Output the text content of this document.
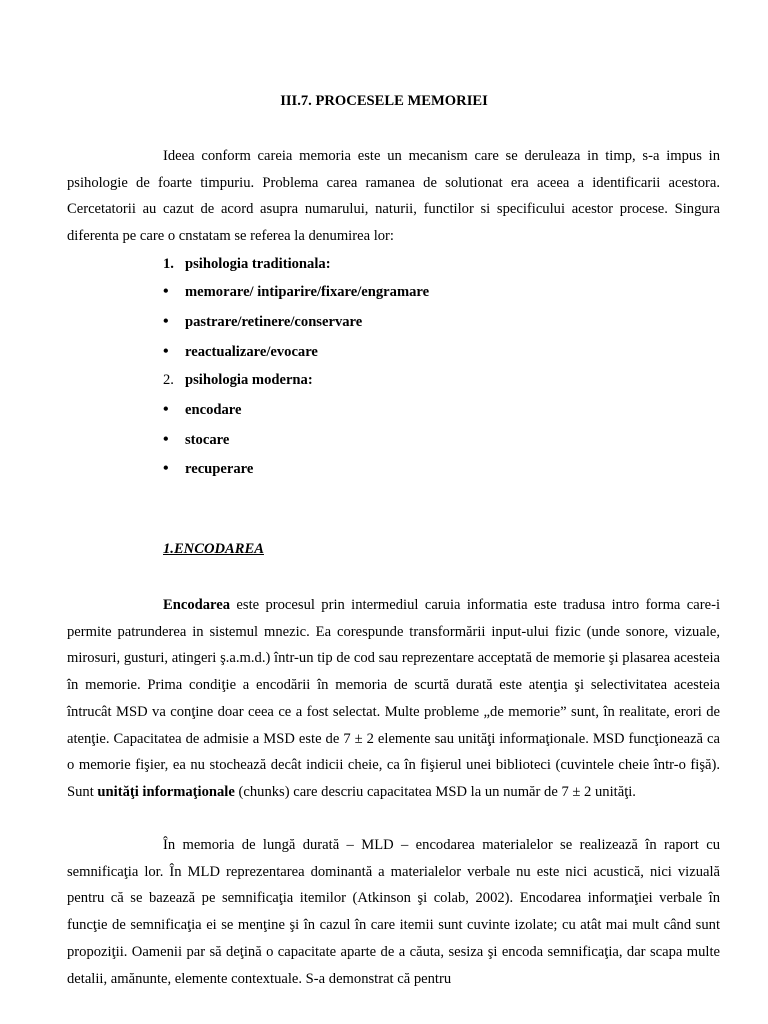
III.7. PROCESELE MEMORIEI

Ideea conform careia memoria este un mecanism care se deruleaza in timp, s-a impus in psihologie de foarte timpuriu. Problema carea ramanea de solutionat era aceea a identificarii acestora. Cercetatorii au cazut de acord asupra numarului, naturii, functilor si specificului acestor procese. Singura diferenta pe care o cnstatam se referea la denumirea lor:

1. psihologia traditionala:
• memorare/ intiparire/fixare/engramare
• pastrare/retinere/conservare
• reactualizare/evocare
2. psihologia moderna:
• encodare
• stocare
• recuperare
1.ENCODAREA

Encodarea este procesul prin intermediul caruia informatia este tradusa intro forma care-i permite patrunderea in sistemul mnezic. Ea corespunde transformării input-ului fizic (unde sonore, vizuale, mirosuri, gusturi, atingeri ş.a.m.d.) într-un tip de cod sau reprezentare acceptată de memorie şi plasarea acesteia în memorie. Prima condiţie a encodării în memoria de scurtă durată este atenţia şi selectivitatea acesteia întrucât MSD va conţine doar ceea ce a fost selectat. Multe probleme „de memorie” sunt, în realitate, erori de atenţie. Capacitatea de admisie a MSD este de 7 ± 2 elemente sau unităţi informaţionale. MSD funcţionează ca o memorie fişier, ea nu stochează decât indicii cheie, ca în fişierul unei biblioteci (cuvintele cheie într-o fişă). Sunt unităţi informaţionale (chunks) care descriu capacitatea MSD la un număr de 7 ± 2 unităţi.

În memoria de lungă durată – MLD – encodarea materialelor se realizează în raport cu semnificaţia lor. În MLD reprezentarea dominantă a materialelor verbale nu este nici acustică, nici vizuală pentru că se bazează pe semnificaţia itemilor (Atkinson şi colab, 2002). Encodarea informaţiei verbale în funcţie de semnificaţia ei se menţine şi în cazul în care itemii sunt cuvinte izolate; cu atât mai mult când sunt propoziţii. Oamenii par să deţină o capacitate aparte de a căuta, sesiza şi encoda semnificaţia, dar scapa multe detalii, amănunte, elemente contextuale. S-a demonstrat că pentru
